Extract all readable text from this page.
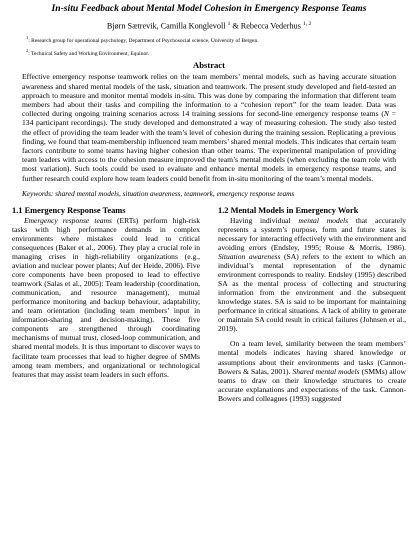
In-situ Feedback about Mental Model Cohesion in Emergency Response Teams
Bjørn Sætrevik, Camilla Konglevoll $^1$ & Rebecca Vederhus $^{1, 2}$
$^1$: Research group for operational psychology, Department of Psychosocial science, University of Bergen.
$^2$: Technical Safety and Working Environment, Equinor.
Abstract

Effective emergency response teamwork relies on the team members’ mental models, such as having accurate situation awareness and shared mental models of the task, situation and teamwork. The present study developed and field-tested an approach to measure and monitor mental models in-situ. This was done by comparing the information that different team members had about their tasks and compiling the information to a “cohesion report” for the team leader. Data was collected during ongoing training scenarios across 14 training sessions for second-line emergency response teams (N = 134 participant recordings). The study developed and demonstrated a way of measuring cohesion. The study also tested the effect of providing the team leader with the team’s level of cohesion during the training session. Replicating a previous finding, we found that team-membership influenced team members’ shared mental models. This indicates that certain team factors contribute to some teams having higher cohesion than other teams. The experimental manipulation of providing team leaders with access to the cohesion measure improved the team’s mental models (when excluding the team role with most variation). Such tools could be used to evaluate and enhance mental models in emergency response teams, and further research could explore how team leaders could benefit from in-situ monitoring of the team’s mental models.

Keywords: shared mental models, situation awareness, teamwork, emergency response teams
1.1 Emergency Response Teams

Emergency response teams (ERTs) perform high-risk tasks with high performance demands in complex environments where mistakes could lead to critical consequences (Baker et al., 2006). They play a crucial role in managing crises in high-reliability organizations (e.g., aviation and nuclear power plants; Auf der Heide, 2006). Five core components have been proposed to lead to effective teamwork (Salas et al., 2005): Team leadership (coordination, communication, and resource management), mutual performance monitoring and backup behaviour, adaptability, and team orientation (including team members’ input in information-sharing and decision-making). These five components are strengthened through coordinating mechanisms of mutual trust, closed-loop communication, and shared mental models. It is thus important to discover ways to facilitate team processes that lead to higher degree of SMMs among team members, and organizational or technological features that may assist team leaders in such efforts.

1.2 Mental Models in Emergency Work

Having individual mental models that accurately represents a system’s purpose, form and future states is necessary for interacting effectively with the environment and avoiding errors (Endsley, 1995; Rouse & Morris, 1986). Situation awareness (SA) refers to the extent to which an individual’s mental representation of the dynamic environment corresponds to reality. Endsley (1995) described SA as the mental process of collecting and structuring information from the environment and the subsequent knowledge states. SA is said to be important for maintaining performance in critical situations. A lack of ability to generate or maintain SA could result in critical failures (Johnsen et al., 2019).

On a team level, similarity between the team members’ mental models indicates having shared knowledge or assumptions about their environments and tasks (Cannon-Bowers & Salas, 2001). Shared mental models (SMMs) allow teams to draw on their knowledge structures to create accurate explanations and expectations of the task. Cannon-Bowers and colleagues (1993) suggested
